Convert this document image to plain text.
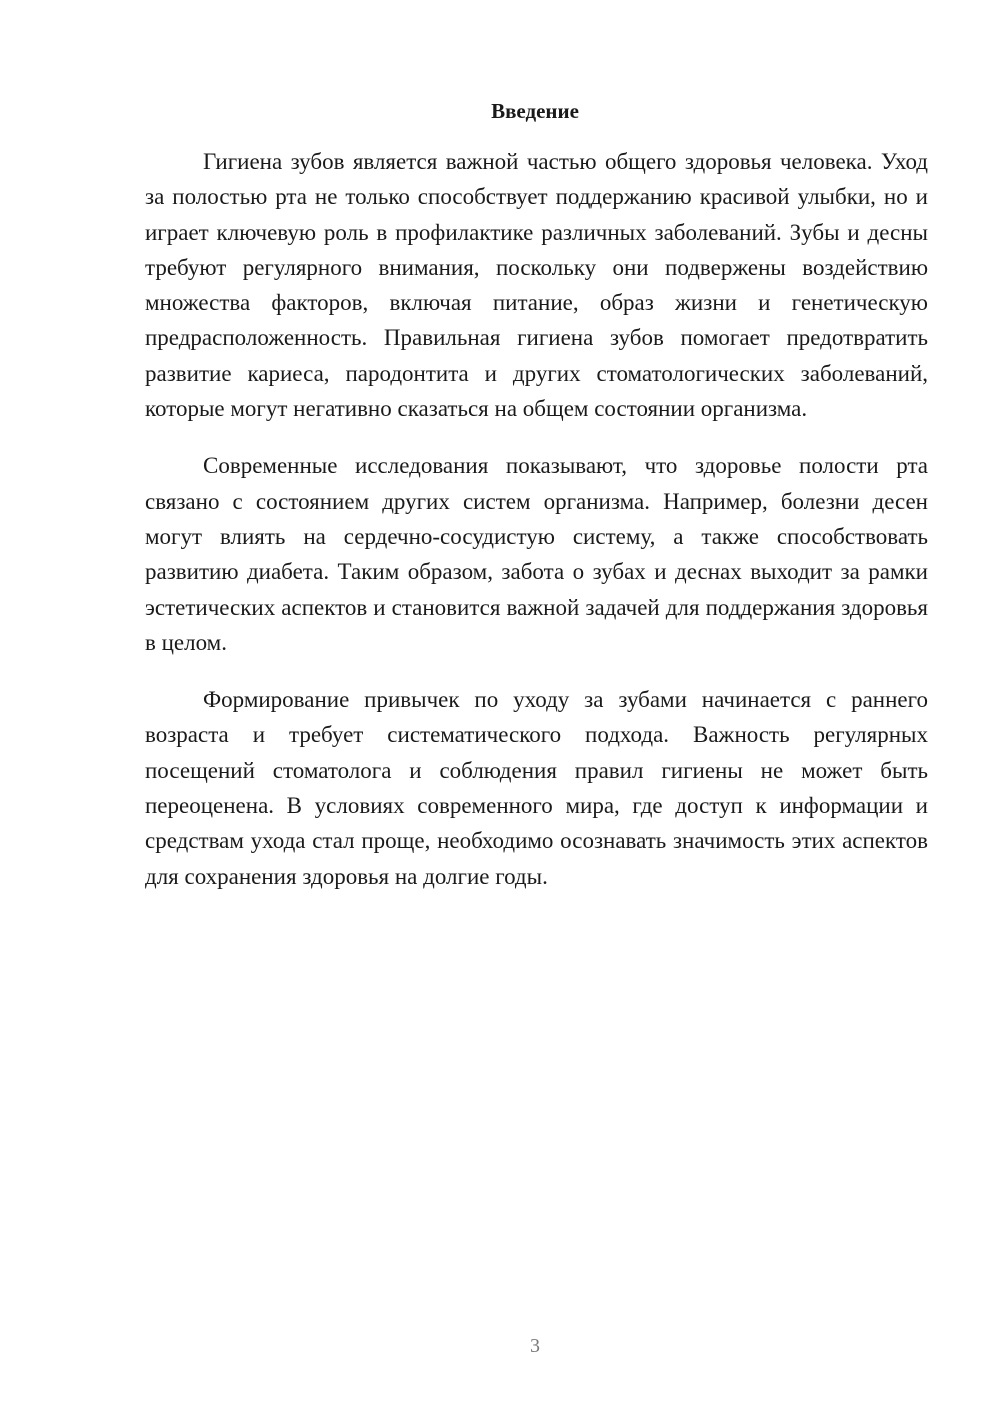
Введение

Гигиена зубов является важной частью общего здоровья человека. Уход за полостью рта не только способствует поддержанию красивой улыбки, но и играет ключевую роль в профилактике различных заболеваний. Зубы и десны требуют регулярного внимания, поскольку они подвержены воздействию множества факторов, включая питание, образ жизни и генетическую предрасположенность. Правильная гигиена зубов помогает предотвратить развитие кариеса, пародонтита и других стоматологических заболеваний, которые могут негативно сказаться на общем состоянии организма.

Современные исследования показывают, что здоровье полости рта связано с состоянием других систем организма. Например, болезни десен могут влиять на сердечно-сосудистую систему, а также способствовать развитию диабета. Таким образом, забота о зубах и деснах выходит за рамки эстетических аспектов и становится важной задачей для поддержания здоровья в целом.

Формирование привычек по уходу за зубами начинается с раннего возраста и требует систематического подхода. Важность регулярных посещений стоматолога и соблюдения правил гигиены не может быть переоценена. В условиях современного мира, где доступ к информации и средствам ухода стал проще, необходимо осознавать значимость этих аспектов для сохранения здоровья на долгие годы.

3
